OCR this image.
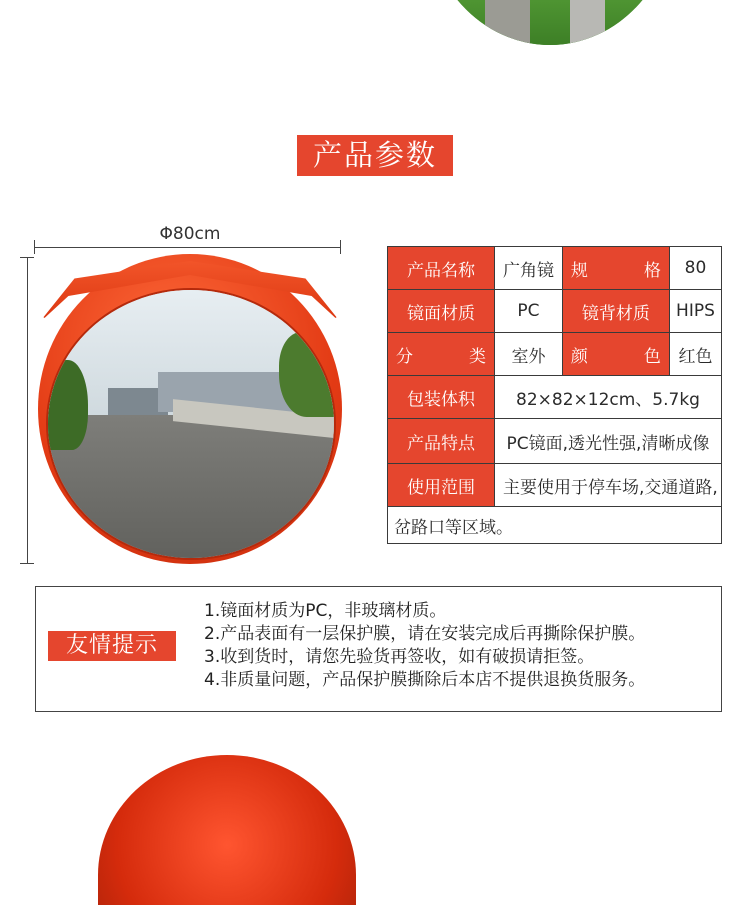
产品参数
Φ80cm
产品名称	广角镜	规格	80
镜面材质	PC	镜背材质	HIPS
分类	室外	颜色	红色
包装体积	82×82×12cm、5.7kg		
产品特点	PC镜面,透光性强,清晰成像		
使用范围	主要使用于停车场,交通道路,		
岔路口等区域。			
友情提示
1.镜面材质为PC，非玻璃材质。
2.产品表面有一层保护膜，请在安装完成后再撕除保护膜。
3.收到货时，请您先验货再签收，如有破损请拒签。
4.非质量问题，产品保护膜撕除后本店不提供退换货服务。
